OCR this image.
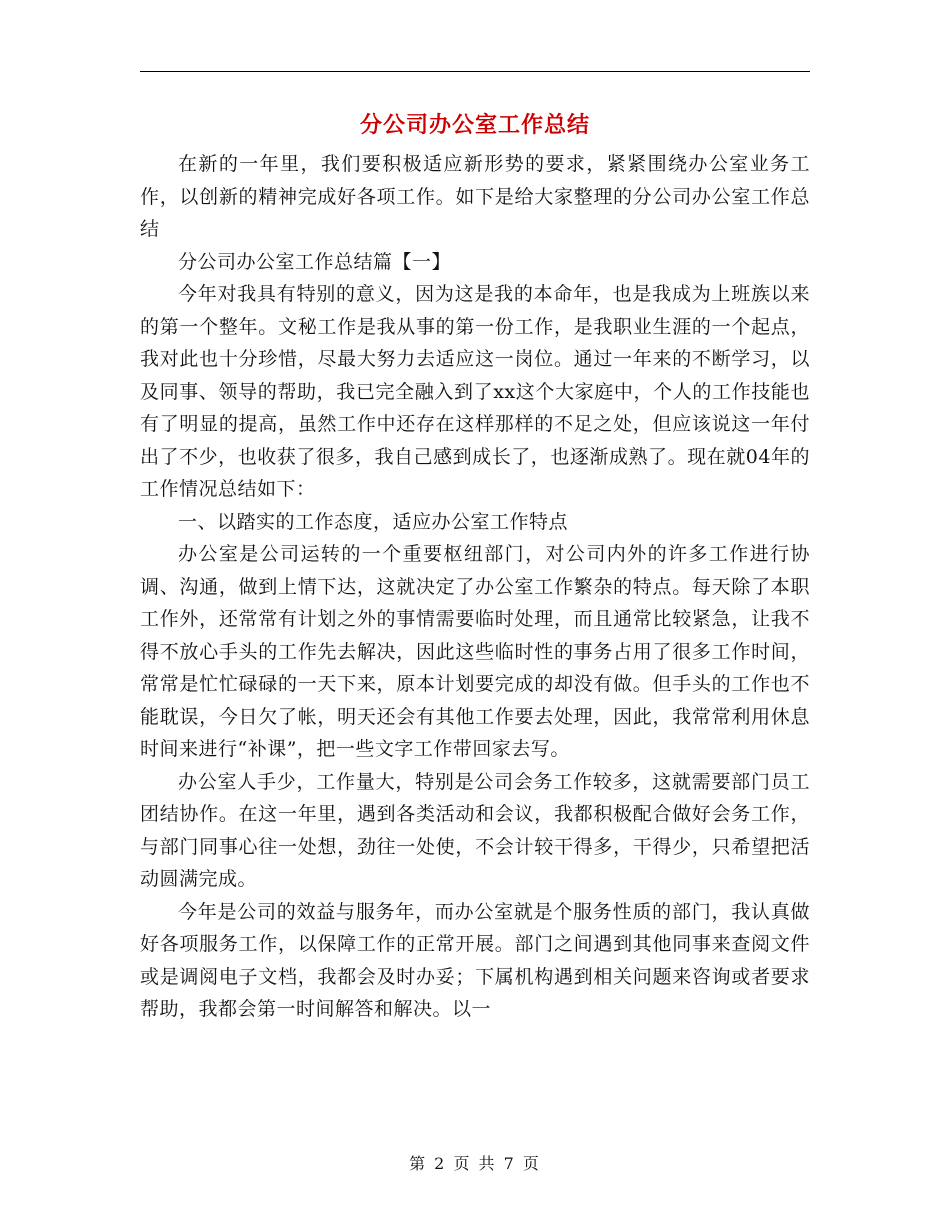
分公司办公室工作总结

在新的一年里，我们要积极适应新形势的要求，紧紧围绕办公室业务工作，以创新的精神完成好各项工作。如下是给大家整理的分公司办公室工作总结

分公司办公室工作总结篇【一】

今年对我具有特别的意义，因为这是我的本命年，也是我成为上班族以来的第一个整年。文秘工作是我从事的第一份工作，是我职业生涯的一个起点，我对此也十分珍惜，尽最大努力去适应这一岗位。通过一年来的不断学习，以及同事、领导的帮助，我已完全融入到了xx这个大家庭中，个人的工作技能也有了明显的提高，虽然工作中还存在这样那样的不足之处，但应该说这一年付出了不少，也收获了很多，我自己感到成长了，也逐渐成熟了。现在就04年的工作情况总结如下：

一、以踏实的工作态度，适应办公室工作特点

办公室是公司运转的一个重要枢纽部门，对公司内外的许多工作进行协调、沟通，做到上情下达，这就决定了办公室工作繁杂的特点。每天除了本职工作外，还常常有计划之外的事情需要临时处理，而且通常比较紧急，让我不得不放心手头的工作先去解决，因此这些临时性的事务占用了很多工作时间，常常是忙忙碌碌的一天下来，原本计划要完成的却没有做。但手头的工作也不能耽误，今日欠了帐，明天还会有其他工作要去处理，因此，我常常利用休息时间来进行“补课”，把一些文字工作带回家去写。

办公室人手少，工作量大，特别是公司会务工作较多，这就需要部门员工团结协作。在这一年里，遇到各类活动和会议，我都积极配合做好会务工作，与部门同事心往一处想，劲往一处使，不会计较干得多，干得少，只希望把活动圆满完成。

今年是公司的效益与服务年，而办公室就是个服务性质的部门，我认真做好各项服务工作，以保障工作的正常开展。部门之间遇到其他同事来查阅文件或是调阅电子文档，我都会及时办妥；下属机构遇到相关问题来咨询或者要求帮助，我都会第一时间解答和解决。以一

第 2 页 共 7 页
